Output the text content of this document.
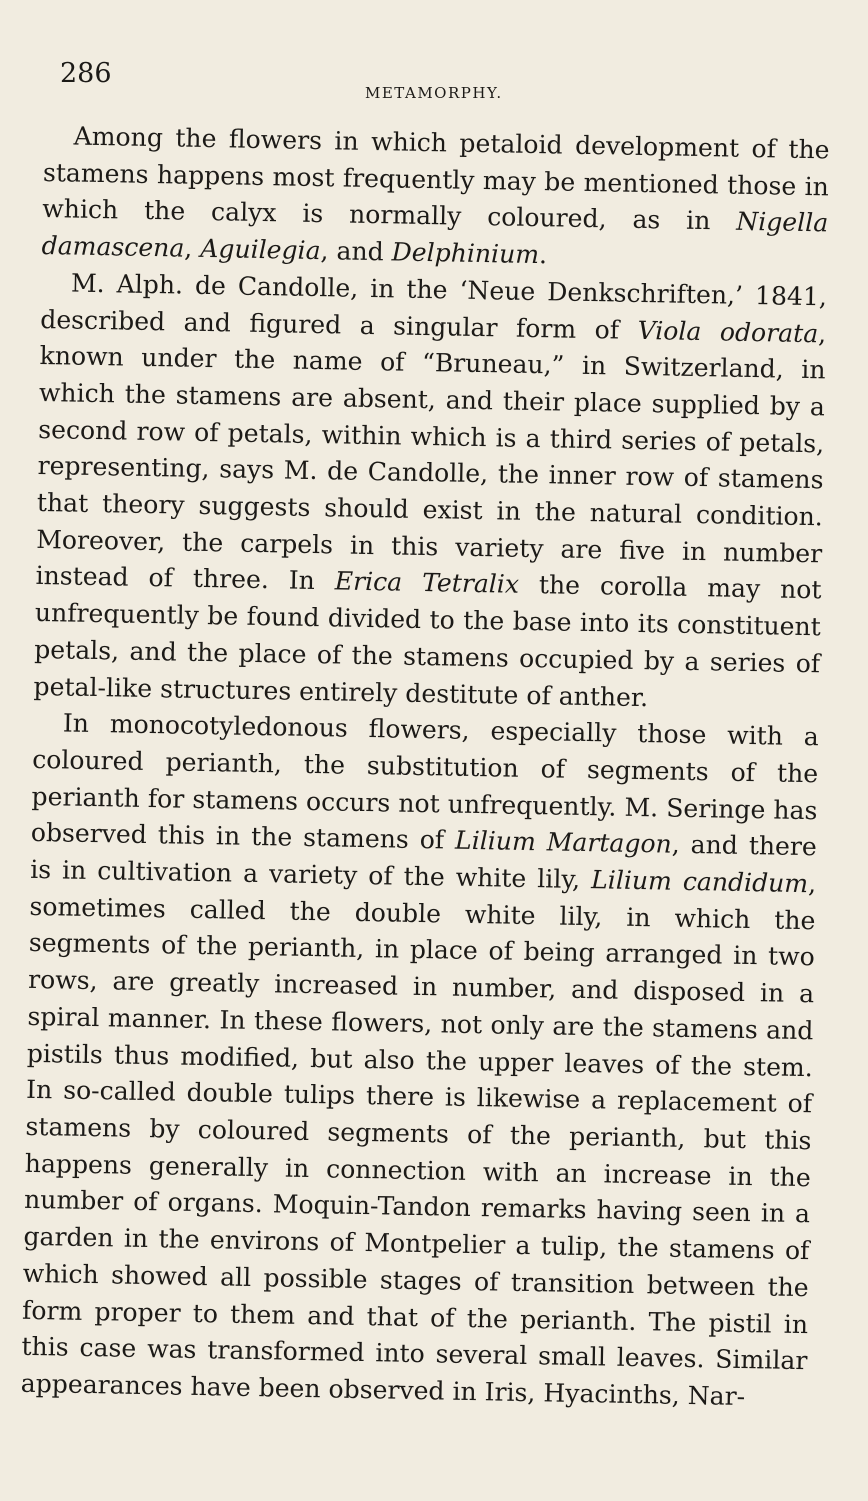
286
METAMORPHY.

Among the flowers in which petaloid development of the stamens happens most frequently may be mentioned those in which the calyx is normally coloured, as in Nigella damascena, Aguilegia, and Delphinium.

M. Alph. de Candolle, in the ‘Neue Denkschriften,’ 1841, described and figured a singular form of Viola odorata, known under the name of “Bruneau,” in Switzerland, in which the stamens are absent, and their place supplied by a second row of petals, within which is a third series of petals, representing, says M. de Candolle, the inner row of stamens that theory suggests should exist in the natural condition. Moreover, the carpels in this variety are five in number instead of three. In Erica Tetralix the corolla may not unfrequently be found divided to the base into its constituent petals, and the place of the stamens occupied by a series of petal-like structures entirely destitute of anther.

In monocotyledonous flowers, especially those with a coloured perianth, the substitution of segments of the perianth for stamens occurs not unfrequently. M. Seringe has observed this in the stamens of Lilium Martagon, and there is in cultivation a variety of the white lily, Lilium candidum, sometimes called the double white lily, in which the segments of the perianth, in place of being arranged in two rows, are greatly increased in number, and disposed in a spiral manner. In these flowers, not only are the stamens and pistils thus modified, but also the upper leaves of the stem. In so-called double tulips there is likewise a replacement of stamens by coloured segments of the perianth, but this happens generally in connection with an increase in the number of organs. Moquin-Tandon remarks having seen in a garden in the environs of Montpelier a tulip, the stamens of which showed all possible stages of transition between the form proper to them and that of the perianth. The pistil in this case was transformed into several small leaves. Similar appearances have been observed in Iris, Hyacinths, Nar-
